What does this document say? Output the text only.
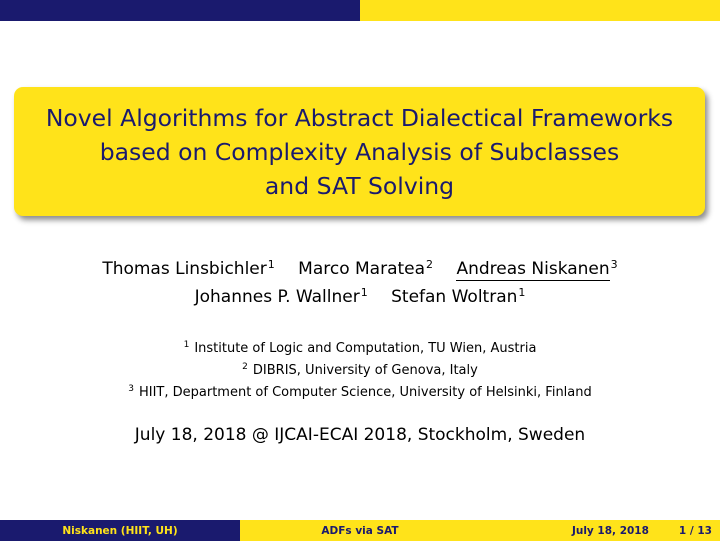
Novel Algorithms for Abstract Dialectical Frameworks
based on Complexity Analysis of Subclasses
and SAT Solving
Thomas Linsbichler$^1$ Marco Maratea$^2$ Andreas Niskanen$^3$
Johannes P. Wallner$^1$ Stefan Woltran$^1$
$^1$ Institute of Logic and Computation, TU Wien, Austria
$^2$ DIBRIS, University of Genova, Italy
$^3$ HIIT, Department of Computer Science, University of Helsinki, Finland
July 18, 2018 @ IJCAI-ECAI 2018, Stockholm, Sweden
Niskanen (HIIT, UH)	ADFs via SAT	July 18, 2018	1 / 13
